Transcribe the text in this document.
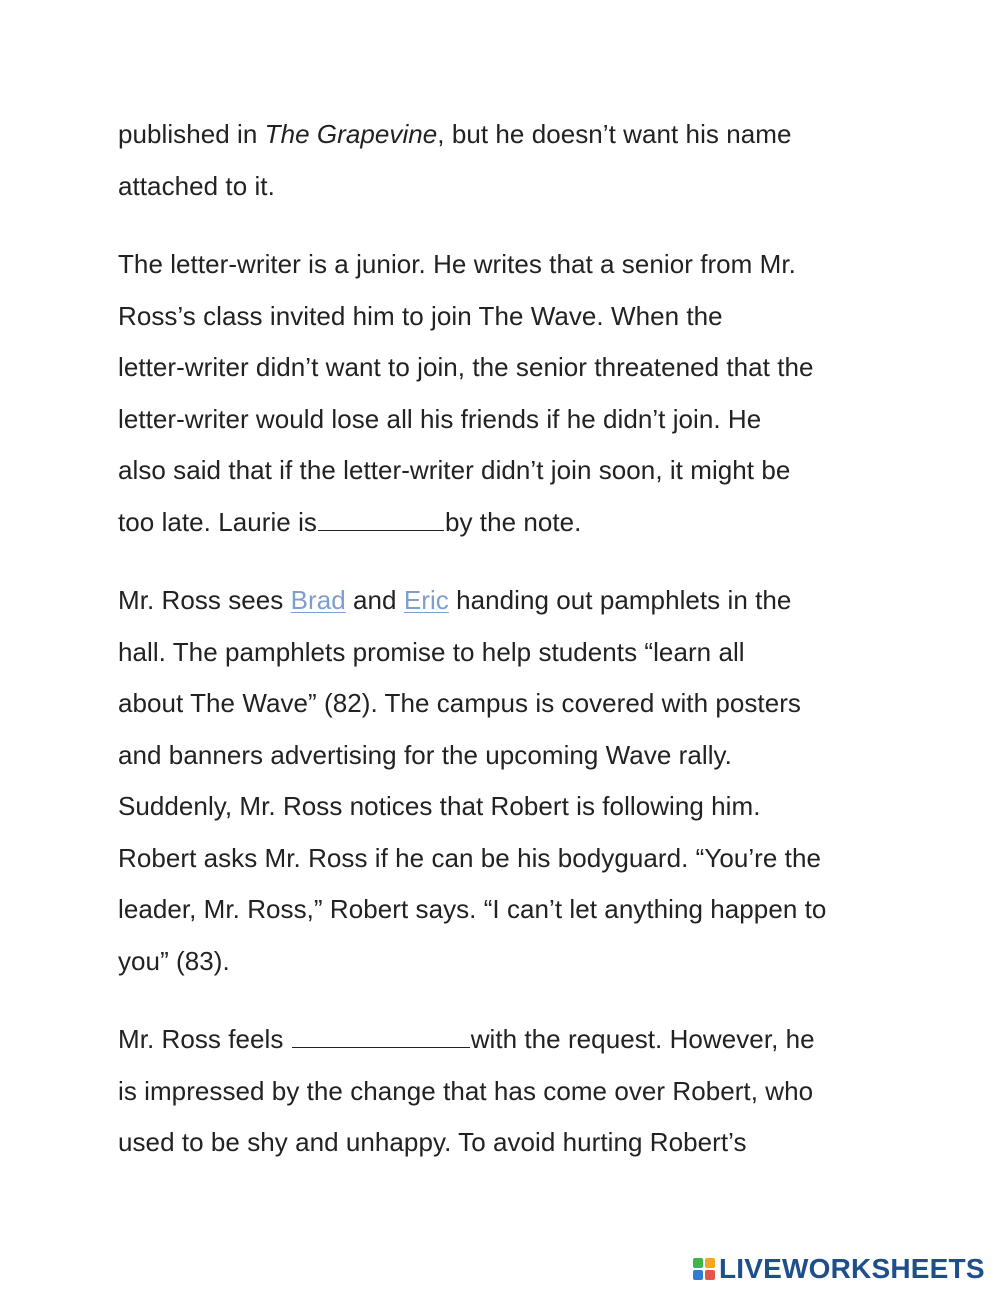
published in The Grapevine, but he doesn’t want his name
attached to it.

The letter-writer is a junior. He writes that a senior from Mr.
Ross’s class invited him to join The Wave. When the
letter-writer didn’t want to join, the senior threatened that the
letter-writer would lose all his friends if he didn’t join. He
also said that if the letter-writer didn’t join soon, it might be
too late. Laurie is	by the note.

Mr. Ross sees Brad and Eric handing out pamphlets in the
hall. The pamphlets promise to help students “learn all
about The Wave” (82). The campus is covered with posters
and banners advertising for the upcoming Wave rally.
Suddenly, Mr. Ross notices that Robert is following him.
Robert asks Mr. Ross if he can be his bodyguard. “You’re the
leader, Mr. Ross,” Robert says. “I can’t let anything happen to
you” (83).

Mr. Ross feels	with the request. However, he
is impressed by the change that has come over Robert, who
used to be shy and unhappy. To avoid hurting Robert’s

LIVEWORKSHEETS
